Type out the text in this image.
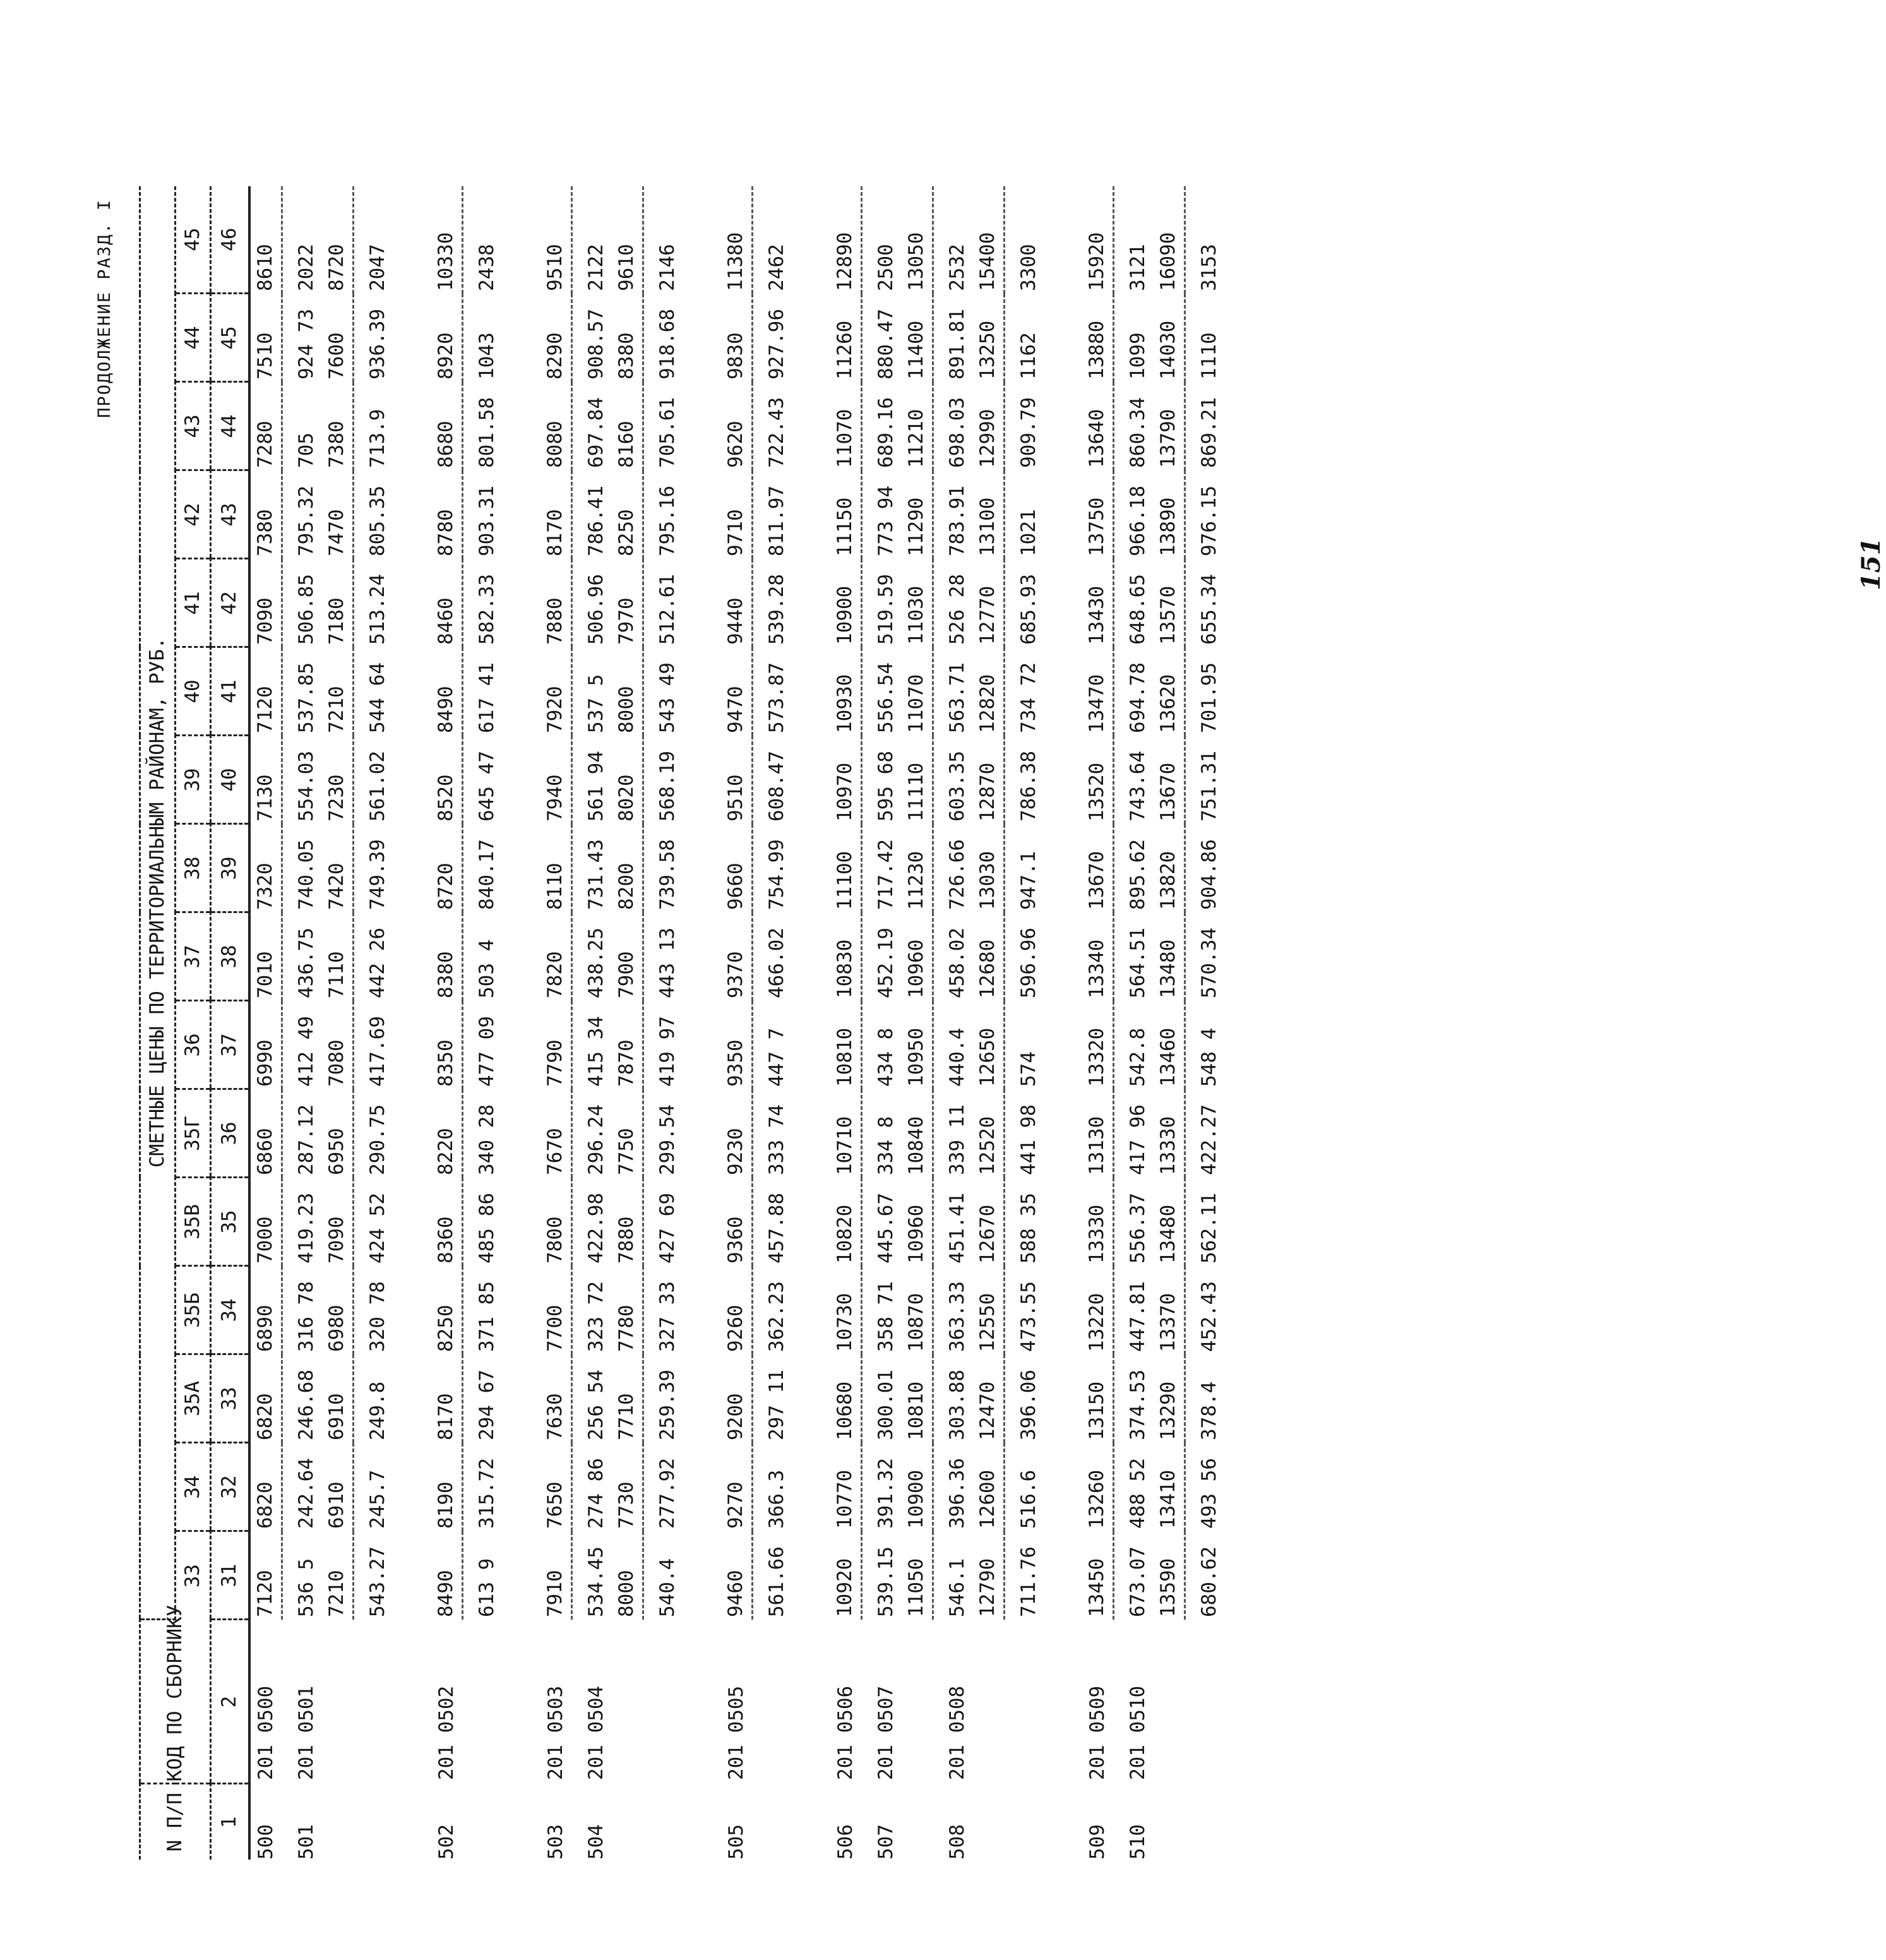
ПРОДОЛЖЕНИЕ РАЗД. I
N П/П	КОД ПО СБОРНИКУ	СМЕТНЫЕ ЦЕНЫ ПО ТЕРРИТОРИАЛЬНЫМ РАЙОНАМ, РУБ.															
		33	34	35А	35Б	35В	35Г	36	37	38	39	40	41	42	43	44	45
1	2	31	32	33	34	35	36	37	38	39	40	41	42	43	44	45	46
500	201 0500	7120	6820	6820	6890	7000	6860	6990	7010	7320	7130	7120	7090	7380	7280	7510	8610

501	201 0501	536 5	242.64	246.68	316 78	419.23	287.12	412 49	436.75	740.05	554.03	537.85	506.85	795.32	705	924 73	2022
		7210	6910	6910	6980	7090	6950	7080	7110	7420	7230	7210	7180	7470	7380	7600	8720

		543.27	245.7	249.8	320 78	424 52	290.75	417.69	442 26	749.39	561.02	544 64	513.24	805.35	713.9	936.39	2047

502	201 0502	8490	8190	8170	8250	8360	8220	8350	8380	8720	8520	8490	8460	8780	8680	8920	10330

		613 9	315.72	294 67	371 85	485 86	340 28	477 09	503 4	840.17	645 47	617 41	582.33	903.31	801.58	1043	2438

503	201 0503	7910	7650	7630	7700	7800	7670	7790	7820	8110	7940	7920	7880	8170	8080	8290	9510

504	201 0504	534.45	274 86	256 54	323 72	422.98	296.24	415 34	438.25	731.43	561 94	537 5	506.96	786.41	697.84	908.57	2122
		8000	7730	7710	7780	7880	7750	7870	7900	8200	8020	8000	7970	8250	8160	8380	9610

		540.4	277.92	259.39	327 33	427 69	299.54	419 97	443 13	739.58	568.19	543 49	512.61	795.16	705.61	918.68	2146

505	201 0505	9460	9270	9200	9260	9360	9230	9350	9370	9660	9510	9470	9440	9710	9620	9830	11380

		561.66	366.3	297 11	362.23	457.88	333 74	447 7	466.02	754.99	608.47	573.87	539.28	811.97	722.43	927.96	2462

506	201 0506	10920	10770	10680	10730	10820	10710	10810	10830	11100	10970	10930	10900	11150	11070	11260	12890

507	201 0507	539.15	391.32	300.01	358 71	445.67	334 8	434 8	452.19	717.42	595 68	556.54	519.59	773 94	689.16	880.47	2500
		11050	10900	10810	10870	10960	10840	10950	10960	11230	11110	11070	11030	11290	11210	11400	13050

508	201 0508	546.1	396.36	303.88	363.33	451.41	339 11	440.4	458.02	726.66	603.35	563.71	526 28	783.91	698.03	891.81	2532
		12790	12600	12470	12550	12670	12520	12650	12680	13030	12870	12820	12770	13100	12990	13250	15400

		711.76	516.6	396.06	473.55	588 35	441 98	574	596.96	947.1	786.38	734 72	685.93	1021	909.79	1162	3300

509	201 0509	13450	13260	13150	13220	13330	13130	13320	13340	13670	13520	13470	13430	13750	13640	13880	15920

510	201 0510	673.07	488 52	374.53	447.81	556.37	417 96	542.8	564.51	895.62	743.64	694.78	648.65	966.18	860.34	1099	3121
		13590	13410	13290	13370	13480	13330	13460	13480	13820	13670	13620	13570	13890	13790	14030	16090

		680.62	493 56	378.4	452.43	562.11	422.27	548 4	570.34	904.86	751.31	701.95	655.34	976.15	869.21	1110	3153
151
